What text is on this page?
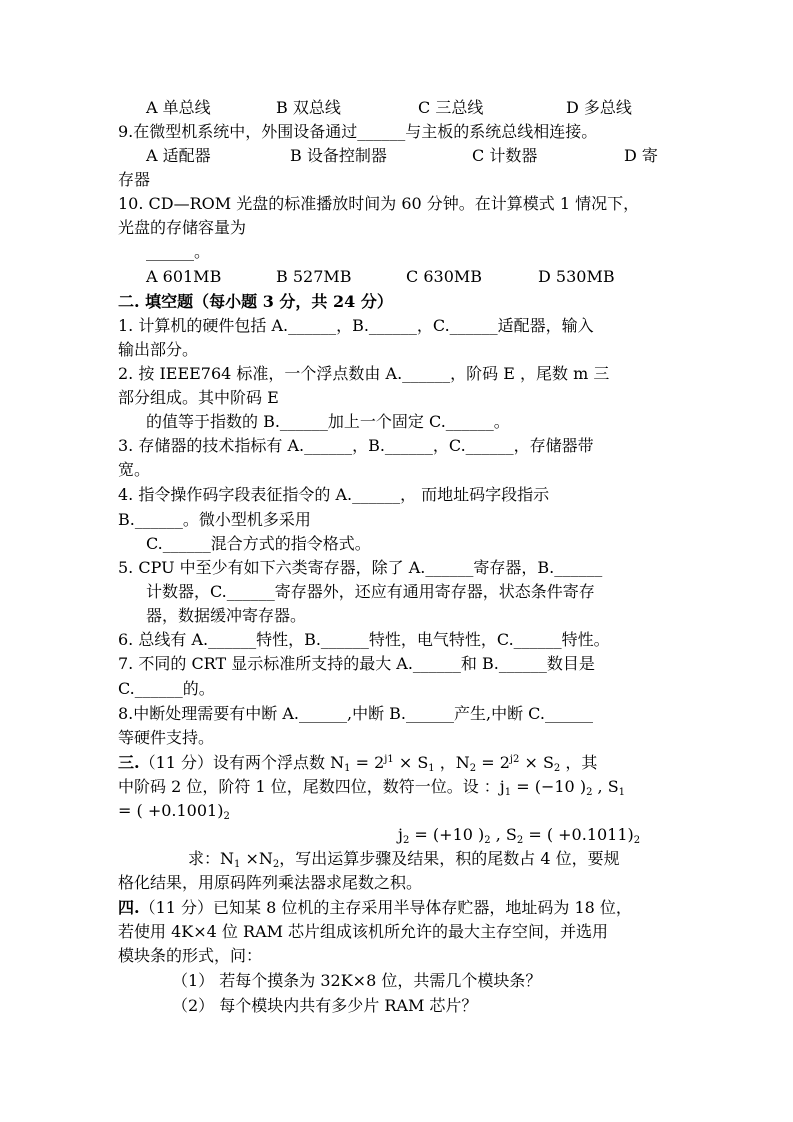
A 单总线	B 双总线	C 三总线	D 多总线
9.在微型机系统中，外围设备通过______与主板的系统总线相连接。
A 适配器	B 设备控制器	C 计数器	D 寄
存器
10. CD—ROM 光盘的标准播放时间为 60 分钟。在计算模式 1 情况下，
光盘的存储容量为
______。
A 601MB	B 527MB	C 630MB	D 530MB
二. 填空题（每小题 3 分，共 24 分）
1. 计算机的硬件包括 A.______，B.______，C.______适配器，输入
输出部分。
2. 按 IEEE764 标准，一个浮点数由 A.______，阶码 E ，尾数 m 三
部分组成。其中阶码 E
的值等于指数的 B.______加上一个固定 C.______。
3. 存储器的技术指标有 A.______，B.______，C.______，存储器带
宽。
4. 指令操作码字段表征指令的 A.______， 而地址码字段指示
B.______。微小型机多采用
C.______混合方式的指令格式。
5. CPU 中至少有如下六类寄存器，除了 A.______寄存器，B.______
计数器，C.______寄存器外，还应有通用寄存器，状态条件寄存
器，数据缓冲寄存器。
6. 总线有 A.______特性，B.______特性，电气特性，C.______特性。
7. 不同的 CRT 显示标准所支持的最大 A.______和 B.______数目是
C.______的。
8.中断处理需要有中断 A.______,中断 B.______产生,中断 C.______
等硬件支持。
三.（11 分）设有两个浮点数 $N_1 = 2^{j1} \times S_1$ ，$N_2 = 2^{j2} \times S_2$ ，其
中阶码 2 位，阶符 1 位，尾数四位，数符一位。设 ：$j_1 = (-10$ )$_2$ , $S_1$
= ( $+0.1001)_2$
$j_2 = (+10$ )$_2$ , $S_2$ = ( $+0.1011)_2$
求：$N_1 \times N_2$，写出运算步骤及结果，积的尾数占 4 位，要规
格化结果，用原码阵列乘法器求尾数之积。
四.（11 分）已知某 8 位机的主存采用半导体存贮器，地址码为 18 位，
若使用 4K×4 位 RAM 芯片组成该机所允许的最大主存空间，并选用
模块条的形式，问：
（1） 若每个摸条为 32K×8 位，共需几个模块条？
（2） 每个模块内共有多少片 RAM 芯片？
